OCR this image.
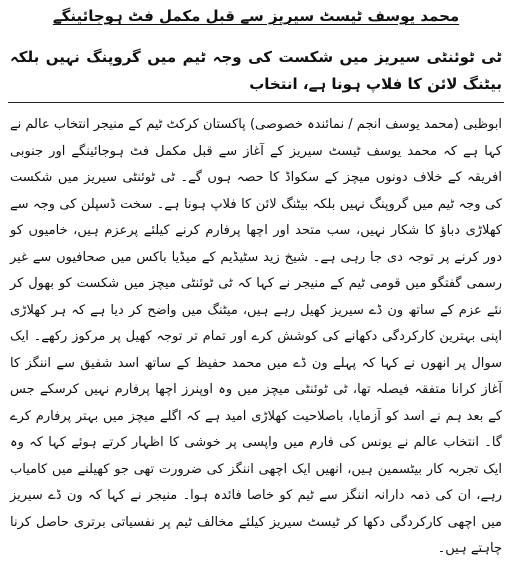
محمد یوسف ٹیسٹ سیریز سے قبل مکمل فٹ ہوجائینگے
ٹی ٹوئنٹی سیریز میں شکست کی وجہ ٹیم میں گروپنگ نہیں بلکہ بیٹنگ لائن کا فلاپ ہونا ہے، انتخاب
ابوظبی (محمد یوسف انجم / نمائندہ خصوصی) پاکستان کرکٹ ٹیم کے منیجر انتخاب عالم نے کہا ہے کہ محمد یوسف ٹیسٹ سیریز کے آغاز سے قبل مکمل فٹ ہوجائینگے اور جنوبی افریقہ کے خلاف دونوں میچز کے سکواڈ کا حصہ ہوں گے۔ ٹی ٹوئنٹی سیریز میں شکست کی وجہ ٹیم میں گروپنگ نہیں بلکہ بیٹنگ لائن کا فلاپ ہونا ہے۔ سخت ڈسپلن کی وجہ سے کھلاڑی دباؤ کا شکار نہیں، سب متحد اور اچھا پرفارم کرنے کیلئے پرعزم ہیں، خامیوں کو دور کرنے پر توجہ دی جا رہی ہے۔ شیخ زید سٹیڈیم کے میڈیا باکس میں صحافیوں سے غیر رسمی گفتگو میں قومی ٹیم کے منیجر نے کہا کہ ٹی ٹوئنٹی میچز میں شکست کو بھول کر نئے عزم کے ساتھ ون ڈے سیریز کھیل رہے ہیں، میٹنگ میں واضح کر دیا ہے کہ ہر کھلاڑی اپنی بہترین کارکردگی دکھانے کی کوشش کرے اور تمام تر توجہ کھیل پر مرکوز رکھے۔ ایک سوال پر انھوں نے کہا کہ پہلے ون ڈے میں محمد حفیظ کے ساتھ اسد شفیق سے اننگز کا آغاز کرانا متفقہ فیصلہ تھا، ٹی ٹوئنٹی میچز میں وہ اوپنرز اچھا پرفارم نہیں کرسکے جس کے بعد ہم نے اسد کو آزمایا، باصلاحیت کھلاڑی امید ہے کہ اگلے میچز میں بہتر پرفارم کرے گا۔ انتخاب عالم نے یونس کی فارم میں واپسی پر خوشی کا اظہار کرتے ہوئے کہا کہ وہ ایک تجربہ کار بیٹسمین ہیں، انھیں ایک اچھی اننگز کی ضرورت تھی جو کھیلنے میں کامیاب رہے، ان کی ذمہ دارانہ اننگز سے ٹیم کو خاصا فائدہ ہوا۔ منیجر نے کہا کہ ون ڈے سیریز میں اچھی کارکردگی دکھا کر ٹیسٹ سیریز کیلئے مخالف ٹیم پر نفسیاتی برتری حاصل کرنا چاہتے ہیں۔
